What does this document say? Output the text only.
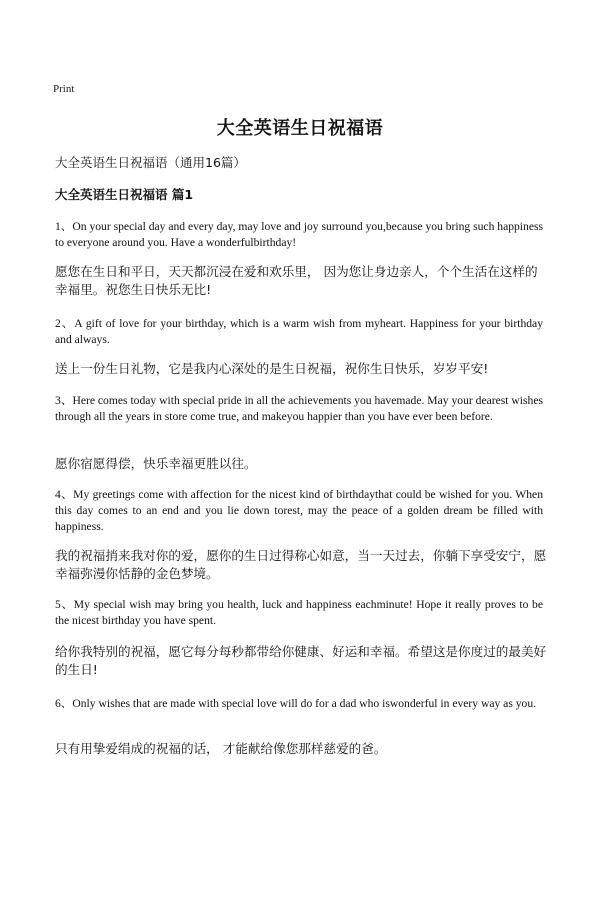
Print
大全英语生日祝福语
大全英语生日祝福语（通用16篇）
大全英语生日祝福语 篇1
1、On your special day and every day, may love and joy surround you,because you bring such happiness to everyone around you. Have a wonderfulbirthday!
愿您在生日和平日，天天都沉浸在爱和欢乐里， 因为您让身边亲人，个个生活在这样的幸福里。祝您生日快乐无比!
2、A gift of love for your birthday, which is a warm wish from myheart. Happiness for your birthday and always.
送上一份生日礼物，它是我内心深处的是生日祝福，祝你生日快乐，岁岁平安!
3、Here comes today with special pride in all the achievements you havemade. May your dearest wishes through all the years in store come true, and makeyou happier than you have ever been before.
愿你宿愿得偿，快乐幸福更胜以往。
4、My greetings come with affection for the nicest kind of birthdaythat could be wished for you. When this day comes to an end and you lie down torest, may the peace of a golden dream be filled with happiness.
我的祝福捎来我对你的爱，愿你的生日过得称心如意，当一天过去，你躺下享受安宁，愿幸福弥漫你恬静的金色梦境。
5、My special wish may bring you health, luck and happiness eachminute! Hope it really proves to be the nicest birthday you have spent.
给你我特别的祝福，愿它每分每秒都带给你健康、好运和幸福。希望这是你度过的最美好的生日!
6、Only wishes that are made with special love will do for a dad who iswonderful in every way as you.
只有用挚爱绢成的祝福的话， 才能献给像您那样慈爱的爸。
